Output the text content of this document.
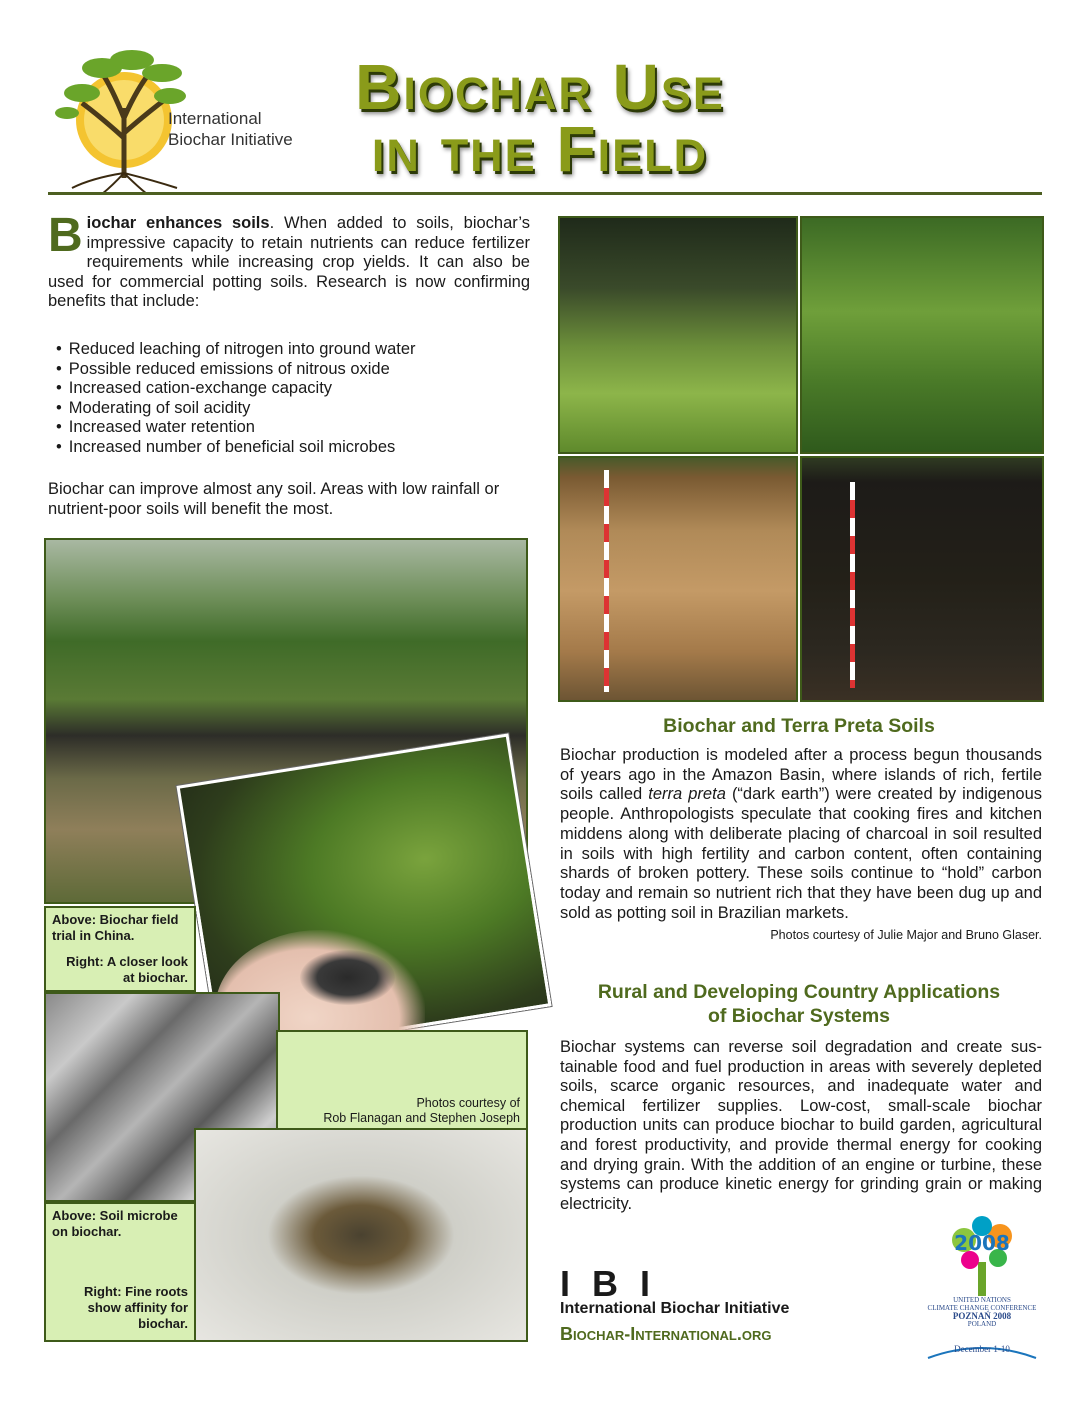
International
Biochar Initiative
Biochar Use
in the Field
Biochar enhances soils. When added to soils, biochar’s impressive capacity to retain nutrients can reduce fertilizer requirements while increasing crop yields. It can also be used for commercial potting soils. Research is now confirming benefits that include:
• Reduced leaching of nitrogen into ground water
• Possible reduced emissions of nitrous oxide
• Increased cation-exchange capacity
• Moderating of soil acidity
• Increased water retention
• Increased number of beneficial soil microbes
Biochar can improve almost any soil. Areas with low rainfall or nutrient-poor soils will benefit the most.
Above: Biochar field trial in China.
Right: A closer look at biochar.
Photos courtesy of
Rob Flanagan and Stephen Joseph
Above: Soil microbe on biochar.
Right: Fine roots show affinity for biochar.
Biochar and Terra Preta Soils
Biochar production is modeled after a process begun thousands of years ago in the Amazon Basin, where islands of rich, fertile soils called terra preta (“dark earth”) were created by indigenous people. Anthropologists speculate that cooking fires and kitchen middens along with deliberate placing of charcoal in soil resulted in soils with high fertility and carbon content, often containing shards of broken pottery. These soils continue to “hold” carbon today and remain so nutrient rich that they have been dug up and sold as potting soil in Brazilian markets.
Photos courtesy of Julie Major and Bruno Glaser.
Rural and Developing Country Applications
of Biochar Systems
Biochar systems can reverse soil degradation and create sustainable food and fuel production in areas with severely depleted soils, scarce organic resources, and inadequate water and chemical fertilizer supplies. Low-cost, small-scale biochar production units can produce biochar to build garden, agricultural and forest productivity, and provide thermal energy for cooking and drying grain. With the addition of an engine or turbine, these systems can produce kinetic energy for grinding grain or making electricity.
IBI
International Biochar Initiative
Biochar-International.org
2008
UNITED NATIONS
CLIMATE CHANGE CONFERENCE
POZNAŃ 2008
POLAND
December 1-10
